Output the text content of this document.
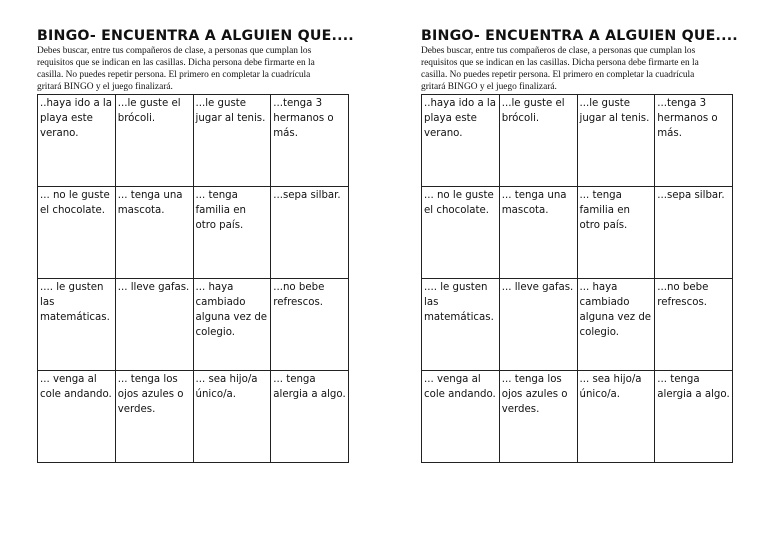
BINGO- ENCUENTRA A ALGUIEN QUE....
Debes buscar, entre tus compañeros de clase, a personas que cumplan los
requisitos que se indican en las casillas. Dicha persona debe firmarte en la
casilla. No puedes repetir persona. El primero en completar la cuadrícula
gritará BINGO y el juego finalizará.
..haya ido a la playa este verano.	...le guste el brócoli.	...le guste jugar al tenis.	...tenga 3 hermanos o más.
... no le guste el chocolate.	... tenga una mascota.	... tenga familia en otro país.	...sepa silbar.
.... le gusten las matemáticas.	... lleve gafas.	... haya cambiado alguna vez de colegio.	...no bebe refrescos.
... venga al cole andando.	... tenga los ojos azules o verdes.	... sea hijo/a único/a.	... tenga alergia a algo.
BINGO- ENCUENTRA A ALGUIEN QUE....
Debes buscar, entre tus compañeros de clase, a personas que cumplan los
requisitos que se indican en las casillas. Dicha persona debe firmarte en la
casilla. No puedes repetir persona. El primero en completar la cuadrícula
gritará BINGO y el juego finalizará.
..haya ido a la playa este verano.	...le guste el brócoli.	...le guste jugar al tenis.	...tenga 3 hermanos o más.
... no le guste el chocolate.	... tenga una mascota.	... tenga familia en otro país.	...sepa silbar.
.... le gusten las matemáticas.	... lleve gafas.	... haya cambiado alguna vez de colegio.	...no bebe refrescos.
... venga al cole andando.	... tenga los ojos azules o verdes.	... sea hijo/a único/a.	... tenga alergia a algo.
